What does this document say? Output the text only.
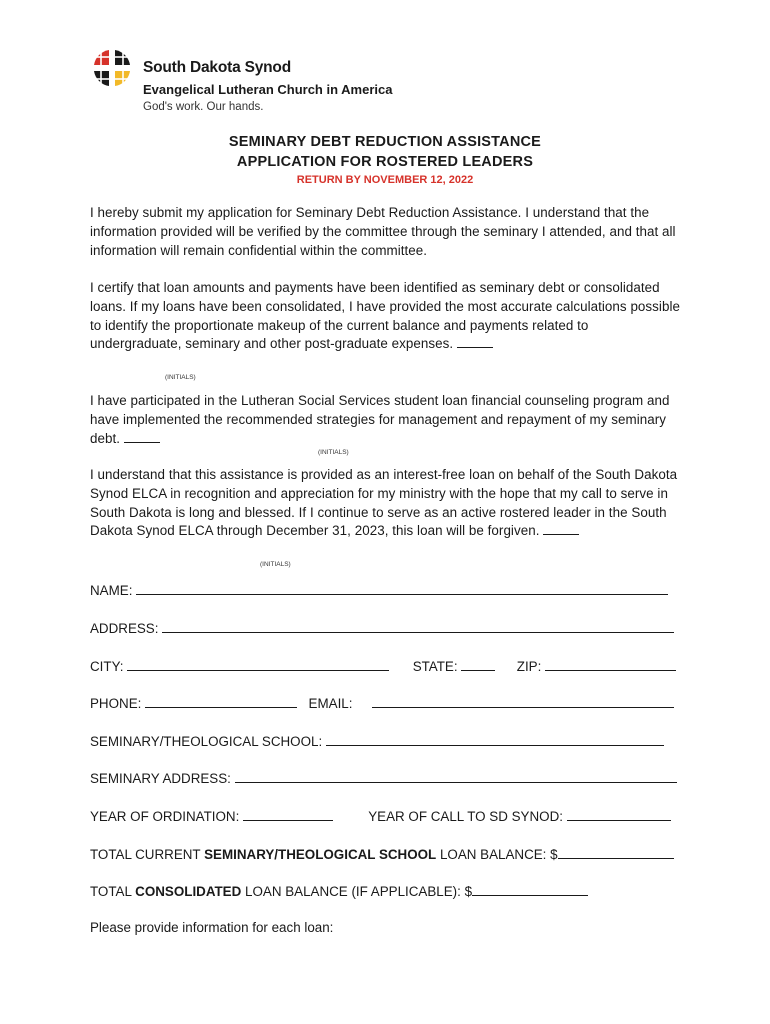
South Dakota Synod
Evangelical Lutheran Church in America
God's work. Our hands.
SEMINARY DEBT REDUCTION ASSISTANCE
APPLICATION FOR ROSTERED LEADERS
RETURN BY NOVEMBER 12, 2022
I hereby submit my application for Seminary Debt Reduction Assistance. I understand that the information provided will be verified by the committee through the seminary I attended, and that all information will remain confidential within the committee.
I certify that loan amounts and payments have been identified as seminary debt or consolidated loans. If my loans have been consolidated, I have provided the most accurate calculations possible to identify the proportionate makeup of the current balance and payments related to undergraduate, seminary and other post-graduate expenses.
(INITIALS)
I have participated in the Lutheran Social Services student loan financial counseling program and have implemented the recommended strategies for management and repayment of my seminary debt.
(INITIALS)
I understand that this assistance is provided as an interest-free loan on behalf of the South Dakota Synod ELCA in recognition and appreciation for my ministry with the hope that my call to serve in South Dakota is long and blessed. If I continue to serve as an active rostered leader in the South Dakota Synod ELCA through December 31, 2023, this loan will be forgiven.
(INITIALS)
NAME:
ADDRESS:
CITY:	STATE:	ZIP:
PHONE:	EMAIL:
SEMINARY/THEOLOGICAL SCHOOL:
SEMINARY ADDRESS:
YEAR OF ORDINATION:	YEAR OF CALL TO SD SYNOD:
TOTAL CURRENT SEMINARY/THEOLOGICAL SCHOOL LOAN BALANCE: $
TOTAL CONSOLIDATED LOAN BALANCE (IF APPLICABLE): $
Please provide information for each loan:
